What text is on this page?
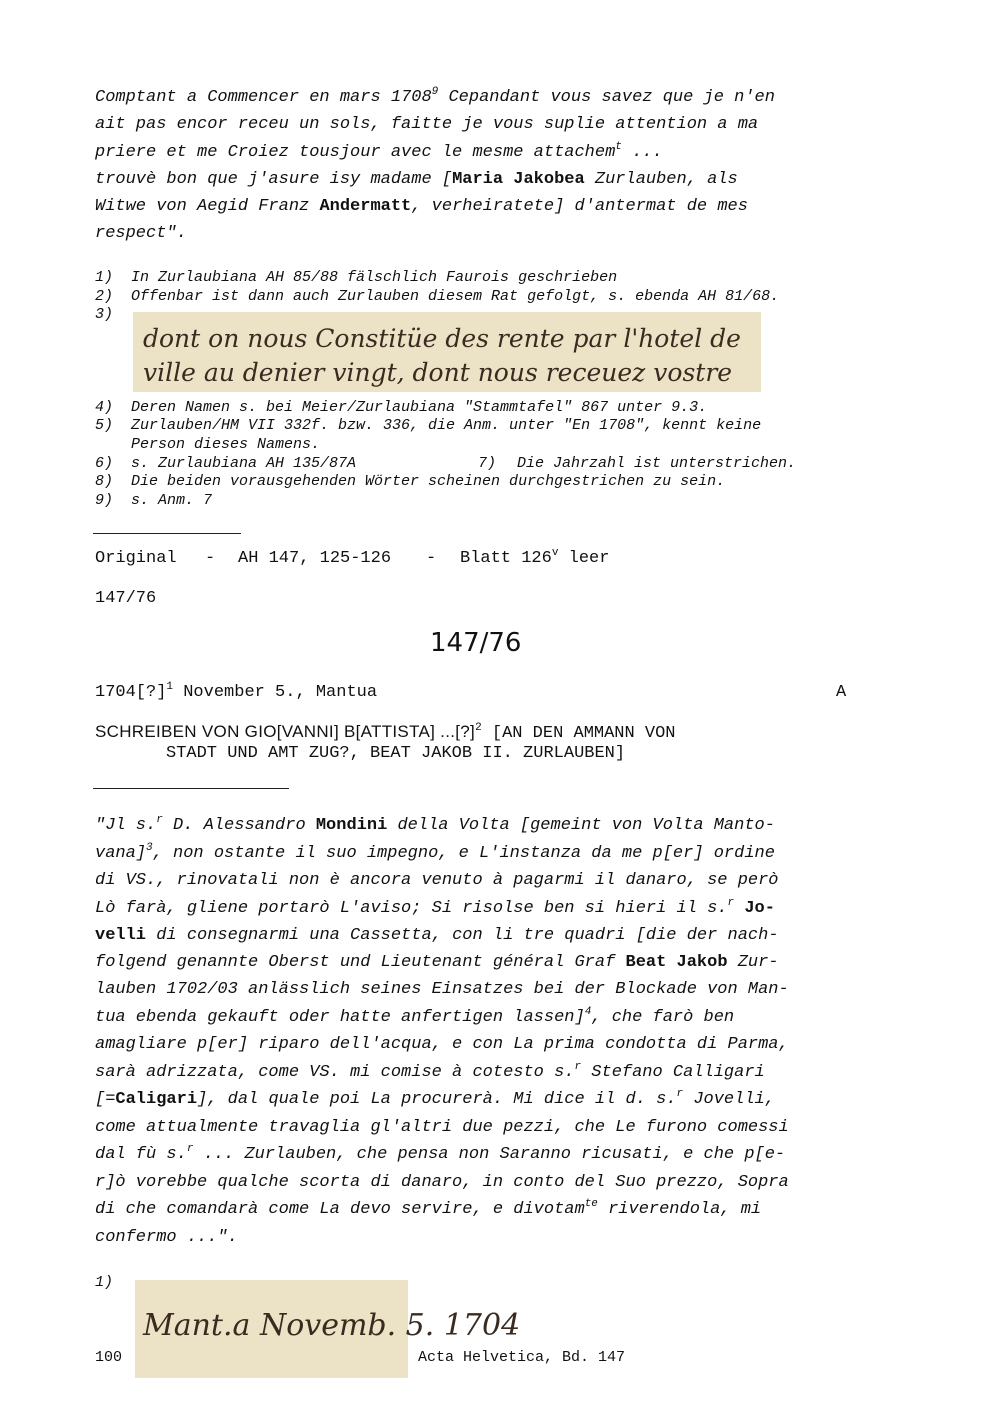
Comptant a Commencer en mars 1708$^9$ Cepandant vous savez que je n'en
ait pas encor receu un sols, faitte je vous suplie attention a ma
priere et me Croiez tousjour avec le mesme attachem$^t$ ...
trouvè bon que j'asure isy madame [Maria Jakobea Zurlauben, als
Witwe von Aegid Franz Andermatt, verheiratete] d'antermat de mes
respect".
1) In Zurlaubiana AH 85/88 fälschlich Faurois geschrieben
2) Offenbar ist dann auch Zurlauben diesem Rat gefolgt, s. ebenda AH 81/68.
3)
dont on nous Constitüe des rente par l'hotel de
ville au denier vingt, dont nous receuez vostre
4) Deren Namen s. bei Meier/Zurlaubiana "Stammtafel" 867 unter 9.3.
5) Zurlauben/HM VII 332f. bzw. 336, die Anm. unter "En 1708", kennt keine
Person dieses Namens.
6) s. Zurlaubiana AH 135/87A	7) Die Jahrzahl ist unterstrichen.
8) Die beiden vorausgehenden Wörter scheinen durchgestrichen zu sein.
9) s. Anm. 7
Original - AH 147, 125-126 - Blatt 126$^v$ leer
147/76
147/76
1704[?]$^1$ November 5., Mantua	A
SCHREIBEN VON GIO[VANNI] B[ATTISTA] ...[?]$^2$ [AN DEN AMMANN VON
STADT UND AMT ZUG?, BEAT JAKOB II. ZURLAUBEN]
"Jl s.$^r$ D. Alessandro Mondini della Volta [gemeint von Volta Manto-
vana]$^3$, non ostante il suo impegno, e L'instanza da me p[er] ordine
di VS., rinovatali non è ancora venuto à pagarmi il danaro, se però
Lò farà, gliene portarò L'aviso; Si risolse ben si hieri il s.$^r$ Jo-
velli di consegnarmi una Cassetta, con li tre quadri [die der nach-
folgend genannte Oberst und Lieutenant général Graf Beat Jakob Zur-
lauben 1702/03 anlässlich seines Einsatzes bei der Blockade von Man-
tua ebenda gekauft oder hatte anfertigen lassen]$^4$, che farò ben
amagliare p[er] riparo dell'acqua, e con La prima condotta di Parma,
sarà adrizzata, come VS. mi comise à cotesto s.$^r$ Stefano Calligari
[=Caligari], dal quale poi La procurerà. Mi dice il d. s.$^r$ Jovelli,
come attualmente travaglia gl'altri due pezzi, che Le furono comessi
dal fù s.$^r$ ... Zurlauben, che pensa non Saranno ricusati, e che p[e-
r]ò vorebbe qualche scorta di danaro, in conto del Suo prezzo, Sopra
di che comandarà come La devo servire, e divotam$^{te}$ riverendola, mi
confermo ...".
1)
Mant.a Novemb. 5. 1704
100	Acta Helvetica, Bd. 147
